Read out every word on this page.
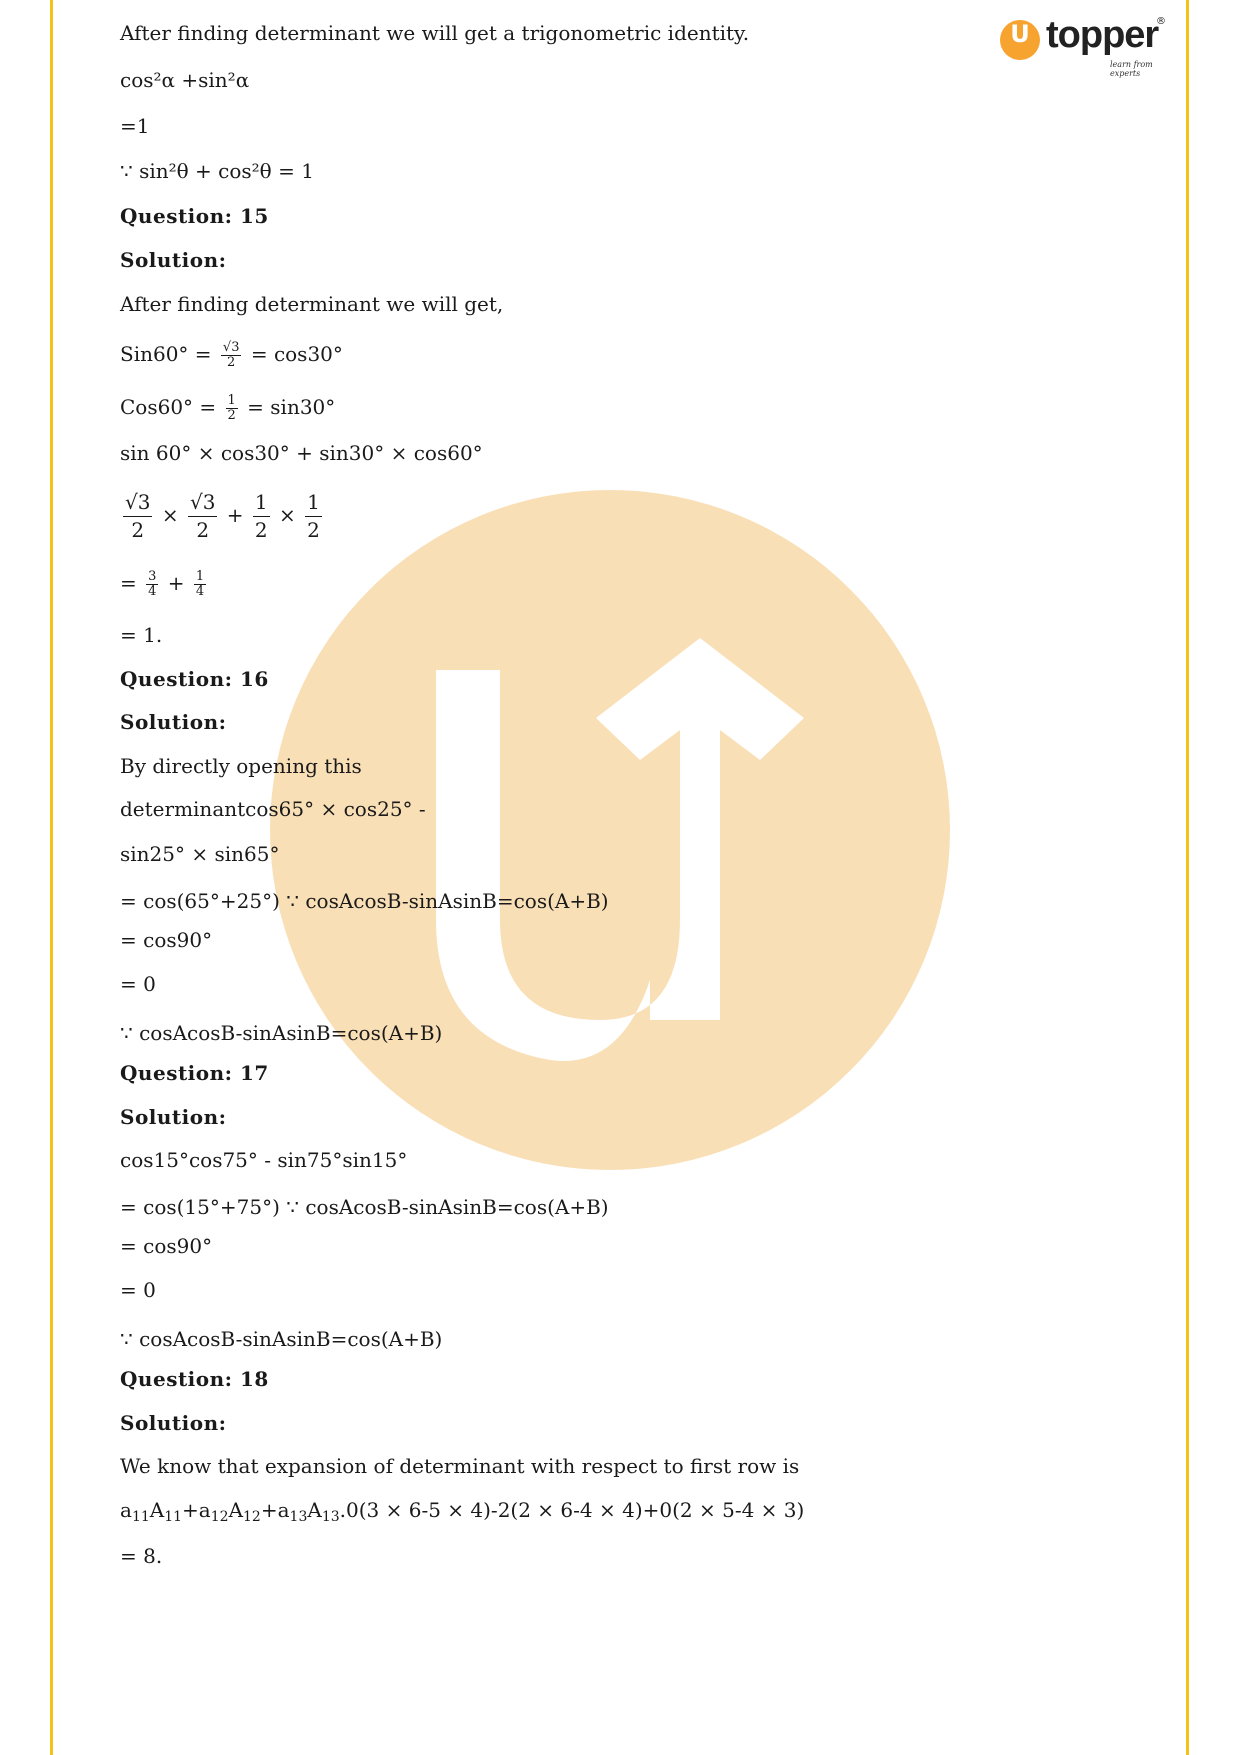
U topper
®
learn from experts
After finding determinant we will get a trigonometric identity.
cos²α +sin²α
=1
∵ sin²θ + cos²θ = 1
Question: 15
Solution:
After finding determinant we will get,
$Sin60^\circ = \frac{√3}{2} = \cos 30^\circ$
$Cos60^\circ = \frac{1}{2} = \sin 30^\circ$
sin 60° × cos30° + sin30° × cos60°
$\frac{√3}{2} \times \frac{√3}{2} + \frac{1}{2} \times \frac{1}{2}$
= $\frac{3}{4} + \frac{1}{4}$
= 1.
Question: 16
Solution:
By directly opening this
determinantcos65° × cos25° -
sin25° × sin65°
= cos(65°+25°) ∵ cosAcosB-sinAsinB=cos(A+B)
= cos90°
= 0
∵ cosAcosB-sinAsinB=cos(A+B)
Question: 17
Solution:
cos15°cos75° - sin75°sin15°
= cos(15°+75°) ∵ cosAcosB-sinAsinB=cos(A+B)
= cos90°
= 0
∵ cosAcosB-sinAsinB=cos(A+B)
Question: 18
Solution:
We know that expansion of determinant with respect to first row is
$a_{11}A_{11}+a_{12}A_{12}+a_{13}A_{13}.0(3 \times 6-5 \times 4)-2(2 \times 6-4 \times 4)+0(2 \times 5-4 \times 3)$
= 8.
